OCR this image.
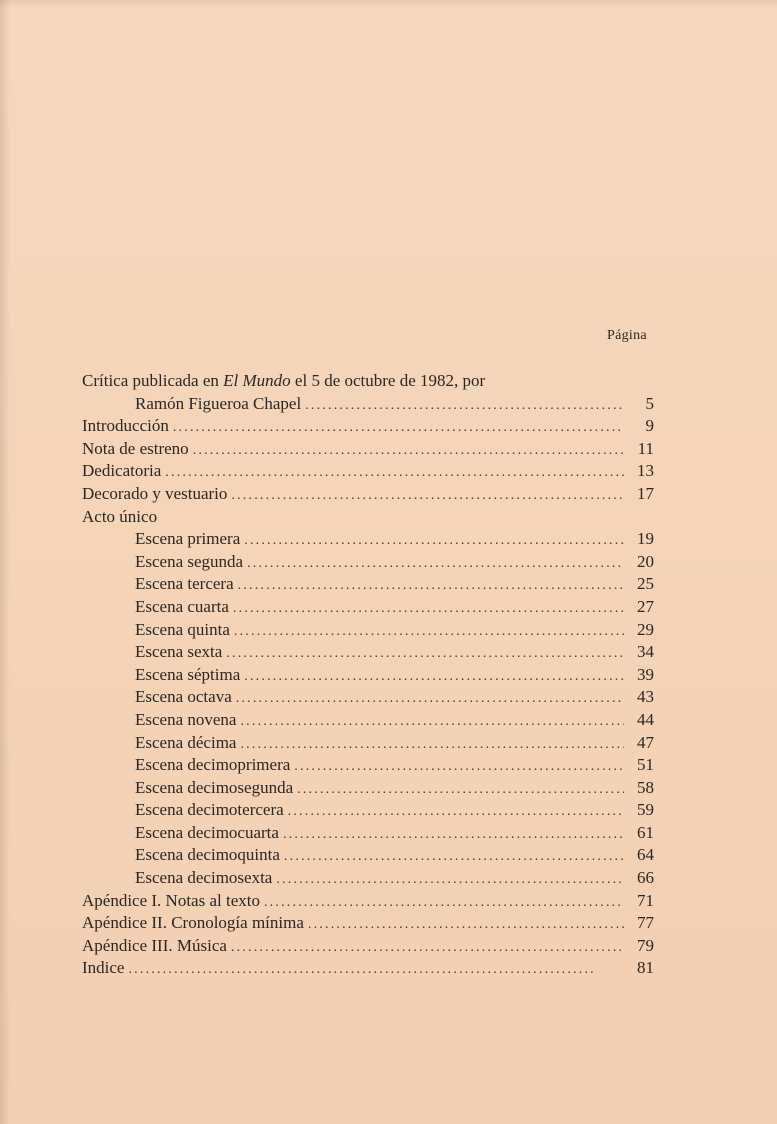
Página
Crítica publicada en El Mundo el 5 de octubre de 1982, por
Ramón Figueroa Chapel . . .	5
Introducción . . .	9
Nota de estreno . . .	11
Dedicatoria . . .	13
Decorado y vestuario . . .	17
Acto único
Escena primera . . .	19
Escena segunda . . .	20
Escena tercera . . .	25
Escena cuarta . . .	27
Escena quinta . . .	29
Escena sexta . . .	34
Escena séptima . . .	39
Escena octava . . .	43
Escena novena . . .	44
Escena décima . . .	47
Escena decimoprimera . . .	51
Escena decimosegunda . . .	58
Escena decimotercera . . .	59
Escena decimocuarta . . .	61
Escena decimoquinta . . .	64
Escena decimosexta . . .	66
Apéndice I. Notas al texto . . .	71
Apéndice II. Cronología mínima . . .	77
Apéndice III. Música . . .	79
Indice . . .	81
